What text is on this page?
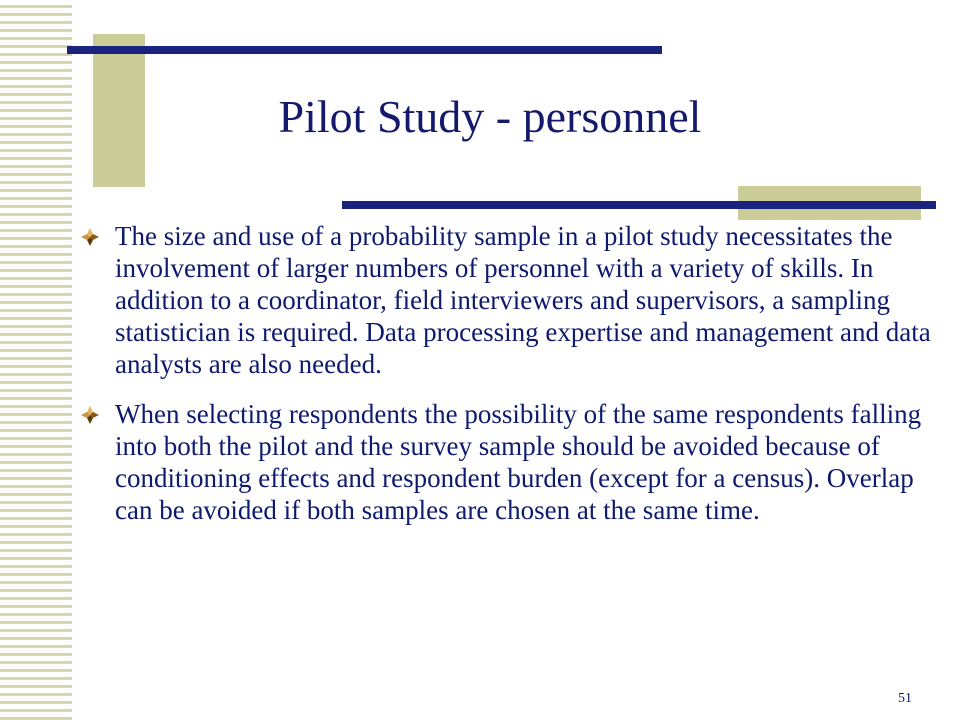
Pilot Study - personnel
The size and use of a probability sample in a pilot study necessitates the involvement of larger numbers of personnel with a variety of skills. In addition to a coordinator, field interviewers and supervisors, a sampling statistician is required. Data processing expertise and management and data analysts are also needed.
When selecting respondents the possibility of the same respondents falling into both the pilot and the survey sample should be avoided because of conditioning effects and respondent burden (except for a census). Overlap can be avoided if both samples are chosen at the same time.
51
